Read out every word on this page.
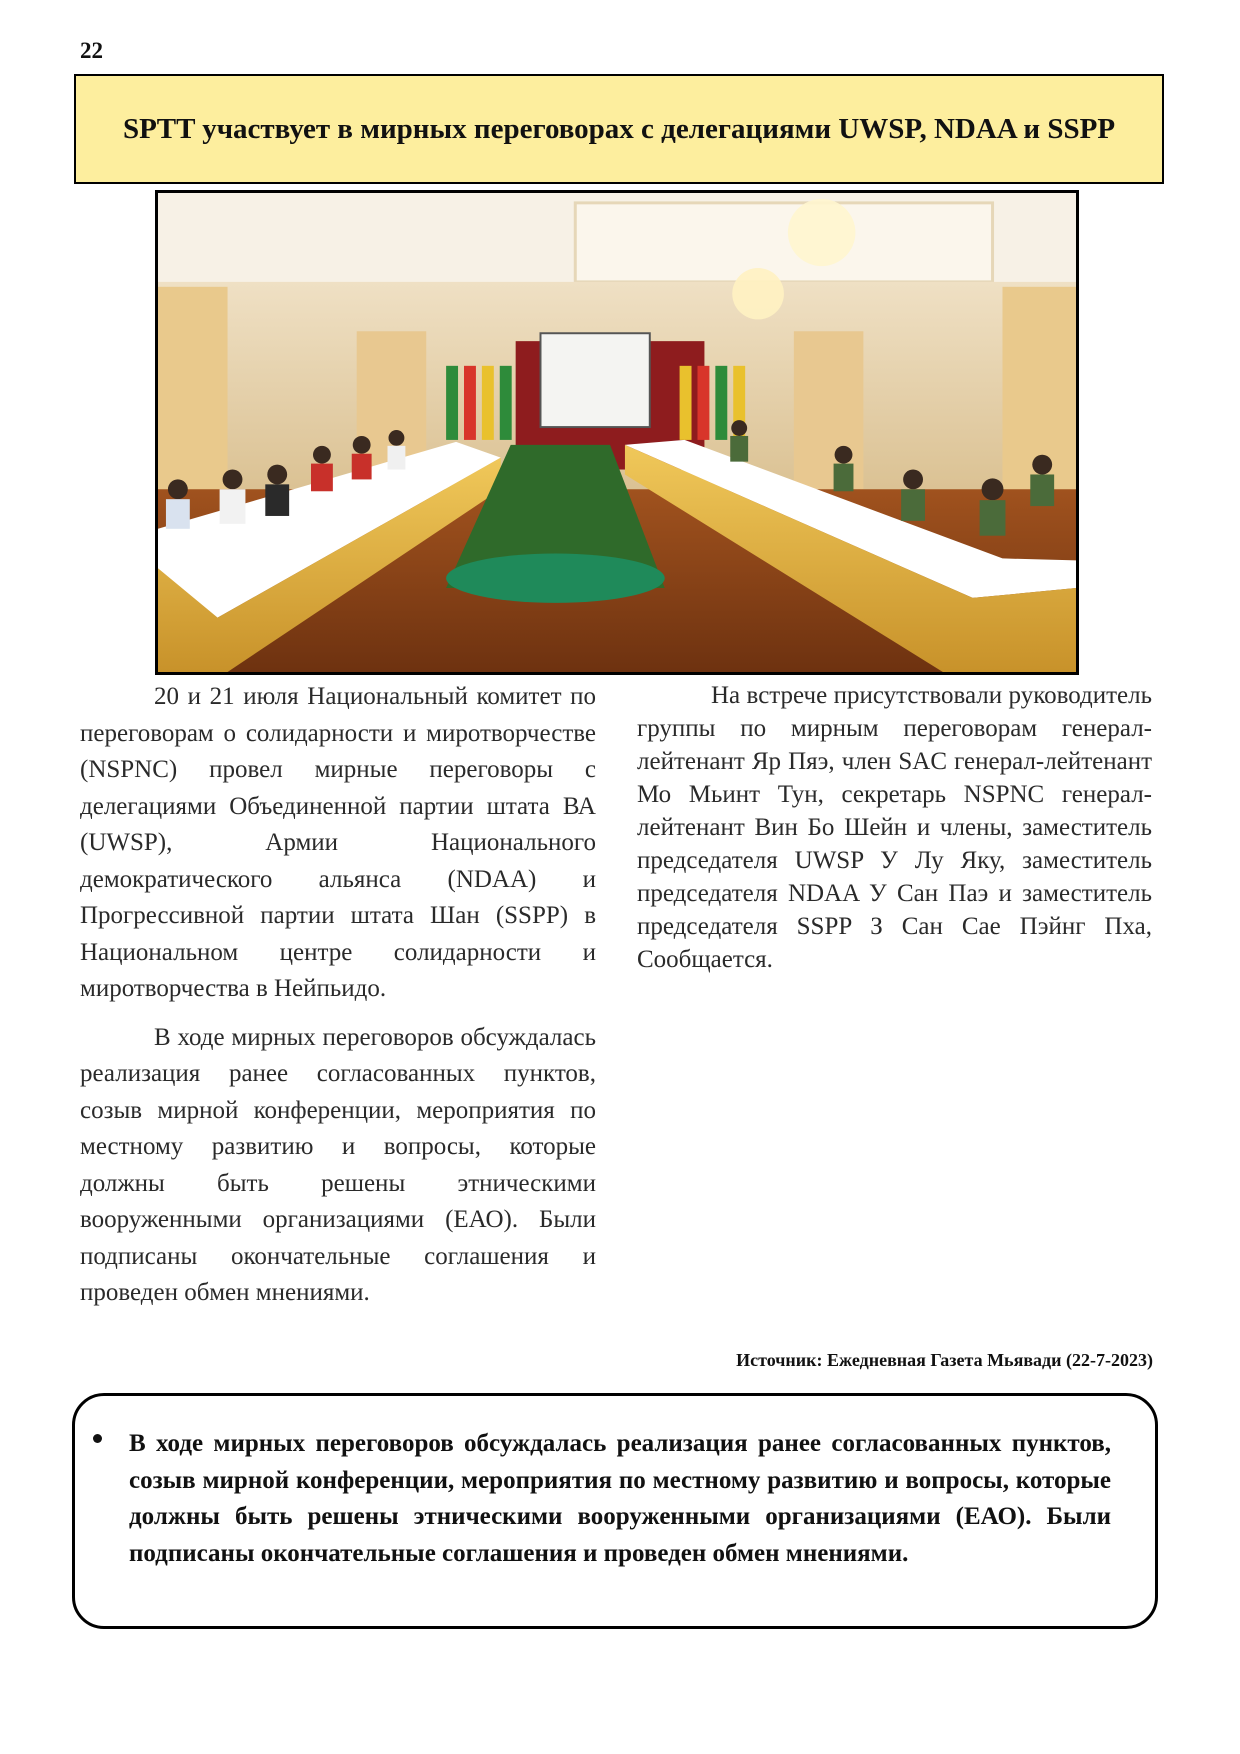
22
SPTT участвует в мирных переговорах с делегациями UWSP, NDAA и SSPP

20 и 21 июля Национальный комитет по переговорам о солидарности и миротворчестве (NSPNC) провел мирные переговоры с делегациями Объединенной партии штата ВА (UWSP), Армии Национального демократического альянса (NDAA) и Прогрессивной партии штата Шан (SSPP) в Национальном центре солидарности и миротворчества в Нейпьидо.

В ходе мирных переговоров обсуждалась реализация ранее согласованных пунктов, созыв мирной конференции, мероприятия по местному развитию и вопросы, которые должны быть решены этническими вооруженными организациями (ЕАО). Были подписаны окончательные соглашения и проведен обмен мнениями.

На встрече присутствовали руководитель группы по мирным переговорам генерал-лейтенант Яр Пяэ, член SAC генерал-лейтенант Мо Мьинт Тун, секретарь NSPNC генерал-лейтенант Вин Бо Шейн и члены, заместитель председателя UWSP У Лу Яку, заместитель председателя NDAA У Сан Паэ и заместитель председателя SSPP З Сан Сае Пэйнг Пха, Сообщается.

Источник: Ежедневная Газета Мьявади (22-7-2023)
В ходе мирных переговоров обсуждалась реализация ранее согласованных пунктов, созыв мирной конференции, мероприятия по местному развитию и вопросы, которые должны быть решены этническими вооруженными организациями (ЕАО). Были подписаны окончательные соглашения и проведен обмен мнениями.
